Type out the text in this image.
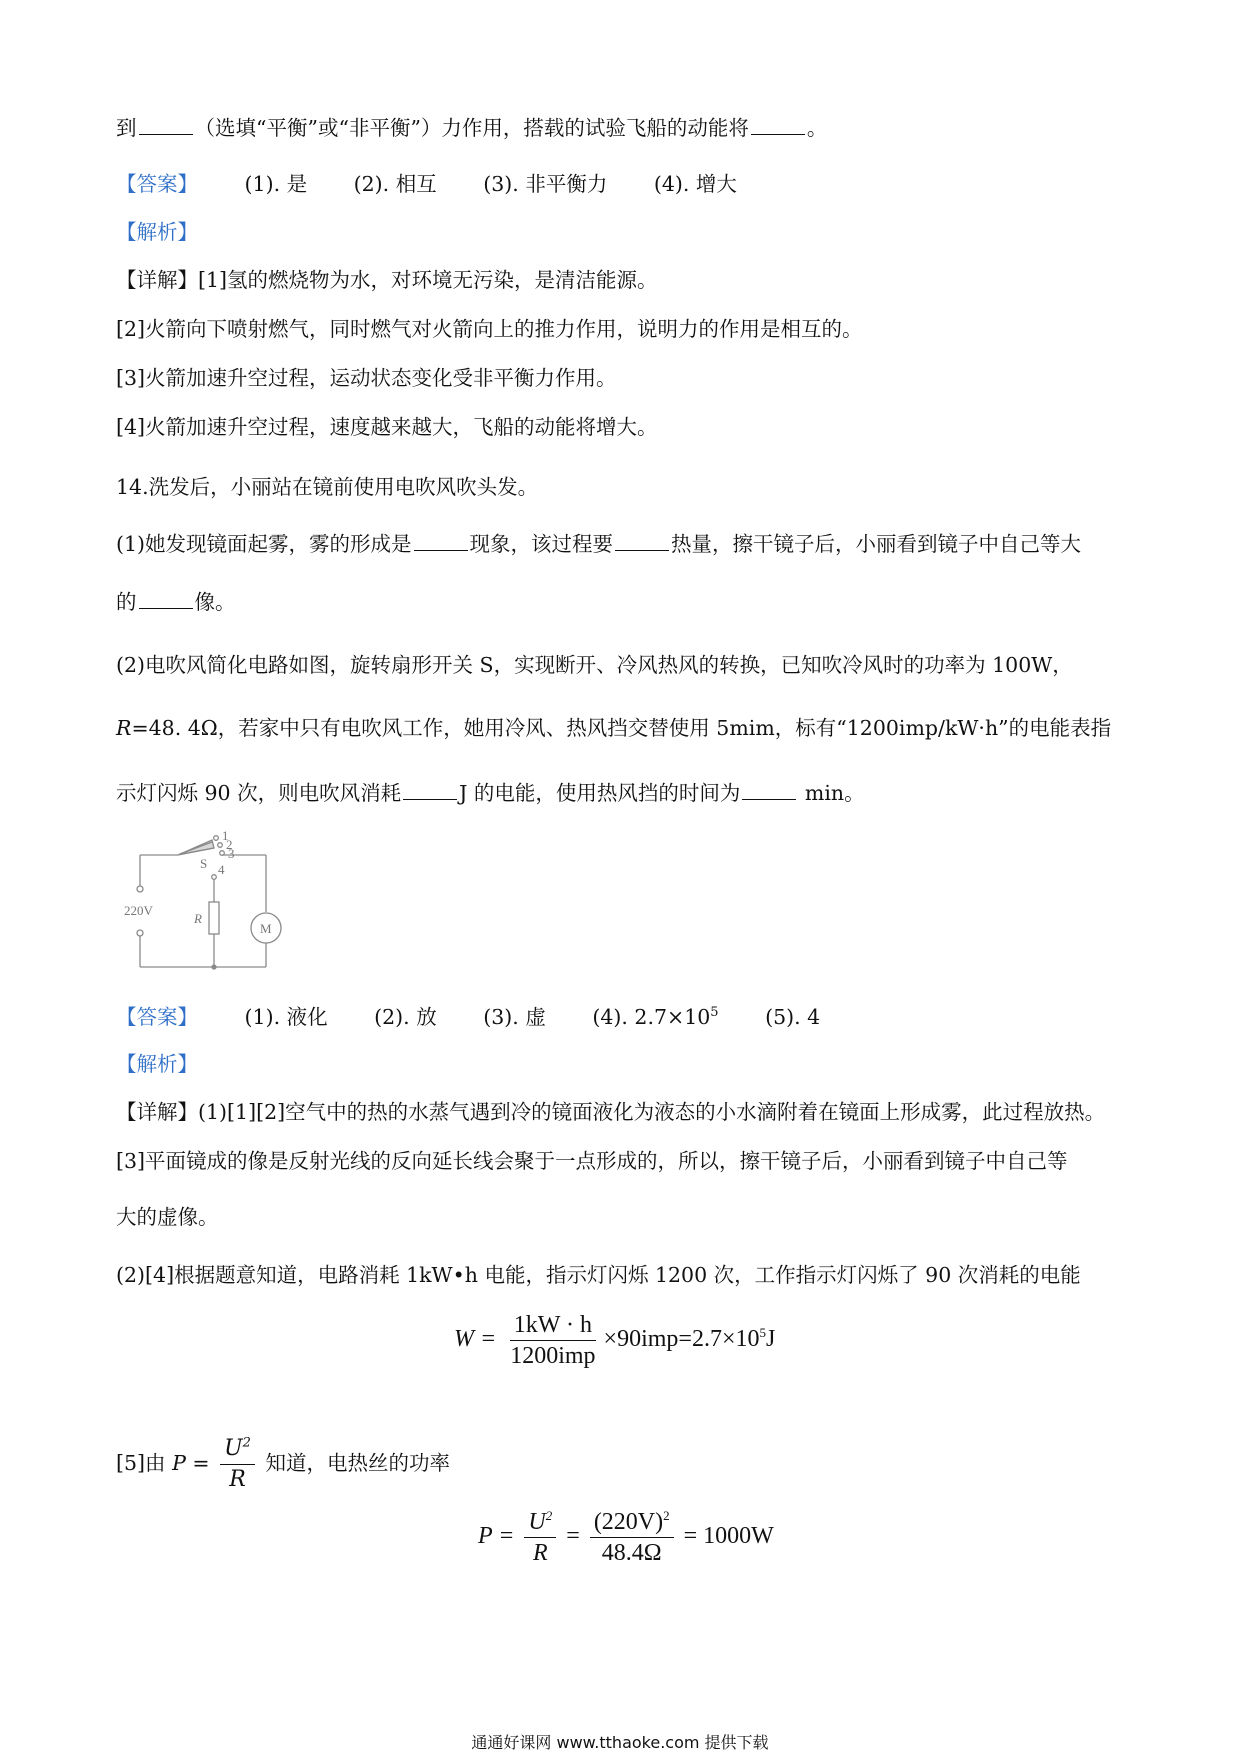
到	（选填“平衡”或“非平衡”）力作用，搭载的试验飞船的动能将	。
【答案】 (1). 是 (2). 相互 (3). 非平衡力 (4). 增大
【解析】
【详解】[1]氢的燃烧物为水，对环境无污染，是清洁能源。
[2]火箭向下喷射燃气，同时燃气对火箭向上的推力作用，说明力的作用是相互的。
[3]火箭加速升空过程，运动状态变化受非平衡力作用。
[4]火箭加速升空过程，速度越来越大，飞船的动能将增大。
14.洗发后，小丽站在镜前使用电吹风吹头发。
(1)她发现镜面起雾，雾的形成是	现象，该过程要	热量，擦干镜子后，小丽看到镜子中自己等大
的	像。
(2)电吹风简化电路如图，旋转扇形开关 S，实现断开、冷风热风的转换，已知吹冷风时的功率为 100W，
R=48. 4Ω，若家中只有电吹风工作，她用冷风、热风挡交替使用 5mim，标有“1200imp/kW·h”的电能表指
示灯闪烁 90 次，则电吹风消耗	J 的电能，使用热风挡的时间为	min。
1
2
3
S 4
220V
R
M
【答案】 (1). 液化 (2). 放 (3). 虚 (4). $2.7\times 10^5$ (5). 4
【解析】
【详解】(1)[1][2]空气中的热的水蒸气遇到冷的镜面液化为液态的小水滴附着在镜面上形成雾，此过程放热。
[3]平面镜成的像是反射光线的反向延长线会聚于一点形成的，所以，擦干镜子后，小丽看到镜子中自己等
大的虚像。
(2)[4]根据题意知道，电路消耗 1kW•h 电能，指示灯闪烁 1200 次，工作指示灯闪烁了 90 次消耗的电能
$W = \frac{1kW \cdot h}{\text{1200imp}} \times 90imp=2.7\times 10^5J$
[5]由 $P = \frac{U^2}{R}$ 知道，电热丝的功率
$P = \frac{U^2}{R} = \frac{(220V)^2}{48.4\Omega} = 1000W$
通通好课网 www.tthaoke.com 提供下载
